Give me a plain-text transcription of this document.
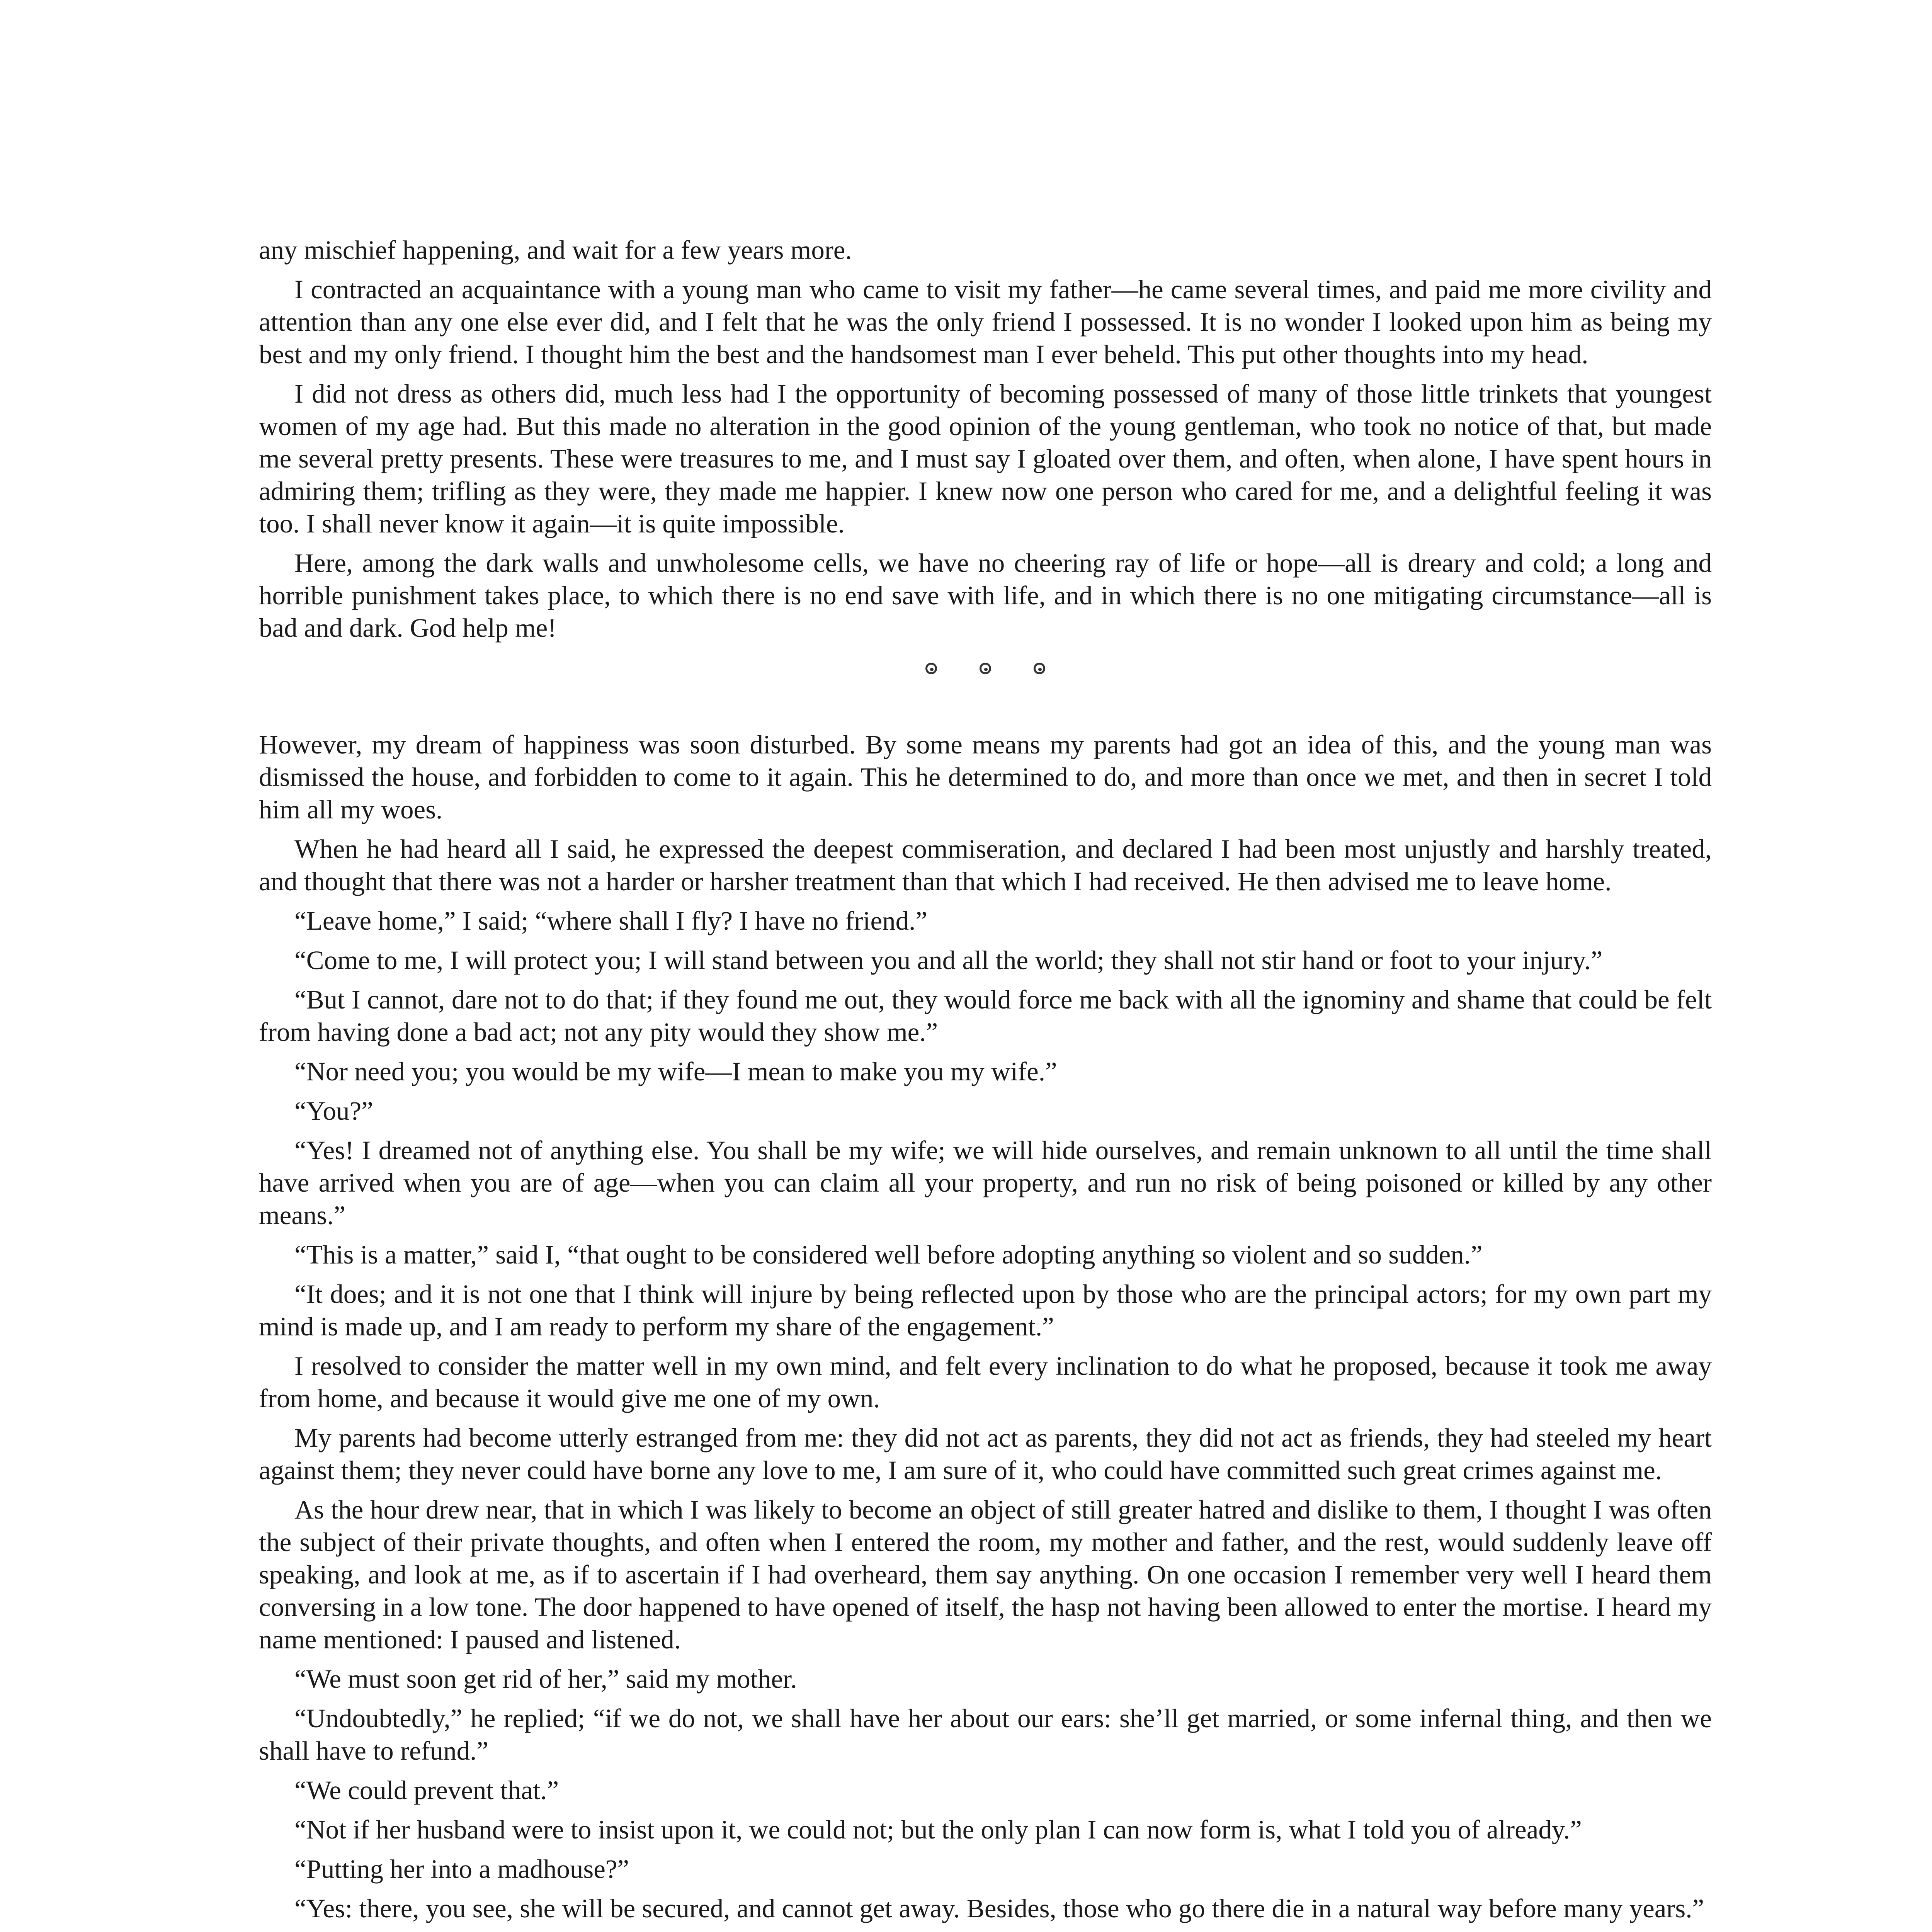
any mischief happening, and wait for a few years more.

I contracted an acquaintance with a young man who came to visit my father—he came several times, and paid me more civility and attention than any one else ever did, and I felt that he was the only friend I possessed. It is no wonder I looked upon him as being my best and my only friend. I thought him the best and the handsomest man I ever beheld. This put other thoughts into my head.

I did not dress as others did, much less had I the opportunity of becoming possessed of many of those little trinkets that youngest women of my age had. But this made no alteration in the good opinion of the young gentleman, who took no notice of that, but made me several pretty presents. These were treasures to me, and I must say I gloated over them, and often, when alone, I have spent hours in admiring them; trifling as they were, they made me happier. I knew now one person who cared for me, and a delightful feeling it was too. I shall never know it again—it is quite impossible.

Here, among the dark walls and unwholesome cells, we have no cheering ray of life or hope—all is dreary and cold; a long and horrible punishment takes place, to which there is no end save with life, and in which there is no one mitigating circumstance—all is bad and dark. God help me!

However, my dream of happiness was soon disturbed. By some means my parents had got an idea of this, and the young man was dismissed the house, and forbidden to come to it again. This he determined to do, and more than once we met, and then in secret I told him all my woes.

When he had heard all I said, he expressed the deepest commiseration, and declared I had been most unjustly and harshly treated, and thought that there was not a harder or harsher treatment than that which I had received. He then advised me to leave home.

“Leave home,” I said; “where shall I fly? I have no friend.”

“Come to me, I will protect you; I will stand between you and all the world; they shall not stir hand or foot to your injury.”

“But I cannot, dare not to do that; if they found me out, they would force me back with all the ignominy and shame that could be felt from having done a bad act; not any pity would they show me.”

“Nor need you; you would be my wife—I mean to make you my wife.”

“You?”

“Yes! I dreamed not of anything else. You shall be my wife; we will hide ourselves, and remain unknown to all until the time shall have arrived when you are of age—when you can claim all your property, and run no risk of being poisoned or killed by any other means.”

“This is a matter,” said I, “that ought to be considered well before adopting anything so violent and so sudden.”

“It does; and it is not one that I think will injure by being reflected upon by those who are the principal actors; for my own part my mind is made up, and I am ready to perform my share of the engagement.”

I resolved to consider the matter well in my own mind, and felt every inclination to do what he proposed, because it took me away from home, and because it would give me one of my own.

My parents had become utterly estranged from me: they did not act as parents, they did not act as friends, they had steeled my heart against them; they never could have borne any love to me, I am sure of it, who could have committed such great crimes against me.

As the hour drew near, that in which I was likely to become an object of still greater hatred and dislike to them, I thought I was often the subject of their private thoughts, and often when I entered the room, my mother and father, and the rest, would suddenly leave off speaking, and look at me, as if to ascertain if I had overheard, them say anything. On one occasion I remember very well I heard them conversing in a low tone. The door happened to have opened of itself, the hasp not having been allowed to enter the mortise. I heard my name mentioned: I paused and listened.

“We must soon get rid of her,” said my mother.

“Undoubtedly,” he replied; “if we do not, we shall have her about our ears: she’ll get married, or some infernal thing, and then we shall have to refund.”

“We could prevent that.”

“Not if her husband were to insist upon it, we could not; but the only plan I can now form is, what I told you of already.”

“Putting her into a madhouse?”

“Yes: there, you see, she will be secured, and cannot get away. Besides, those who go there die in a natural way before many years.”
